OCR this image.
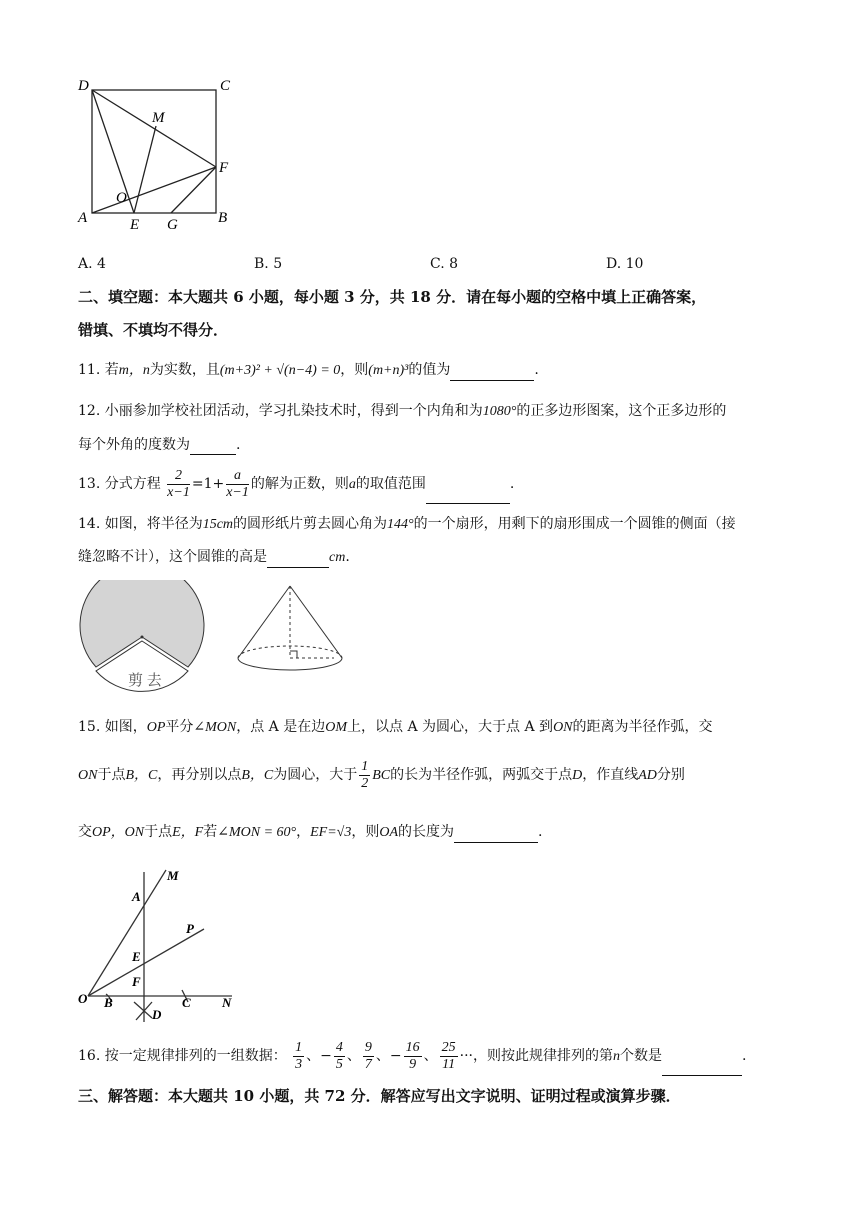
D	C
M
F
O
A	E G	B
A. 4	B. 5	C. 8	D. 10
二、填空题：本大题共 6 小题，每小题 3 分，共 18 分．请在每小题的空格中填上正确答案，
错填、不填均不得分．
11. 若m，n为实数，且(m+3)² + √(n−4) = 0，则(m+n)³的值为	.
12. 小丽参加学校社团活动，学习扎染技术时，得到一个内角和为1080°的正多边形图案，这个正多边形的
每个外角的度数为	.
13. 分式方程 $\frac{2}{x-1} =1+ \frac{a}{x-1}$ 的解为正数，则a的取值范围	.
14. 如图，将半径为15cm的圆形纸片剪去圆心角为144°的一个扇形，用剩下的扇形围成一个圆锥的侧面（接
缝忽略不计），这个圆锥的高是	cm.
剪 去
15. 如图，OP平分∠MON，点 A 是在边OM上，以点 A 为圆心，大于点 A 到ON的距离为半径作弧，交
ON于点B，C，再分别以点B，C为圆心，大于 $\frac{1}{2}$ BC的长为半径作弧，两弧交于点D，作直线AD分别
交OP，ON于点E，F若∠MON = 60°，EF=√3，则OA的长度为	.
M
A
P
E
F
O B	C N
D
16. 按一定规律排列的一组数据： $\frac{1}{3}$ 、− $\frac{4}{5}$ 、 $\frac{9}{7}$ 、− $\frac{16}{9}$ 、 $\frac{25}{11}$ ···，则按此规律排列的第n个数是	.
三、解答题：本大题共 10 小题，共 72 分．解答应写出文字说明、证明过程或演算步骤．
